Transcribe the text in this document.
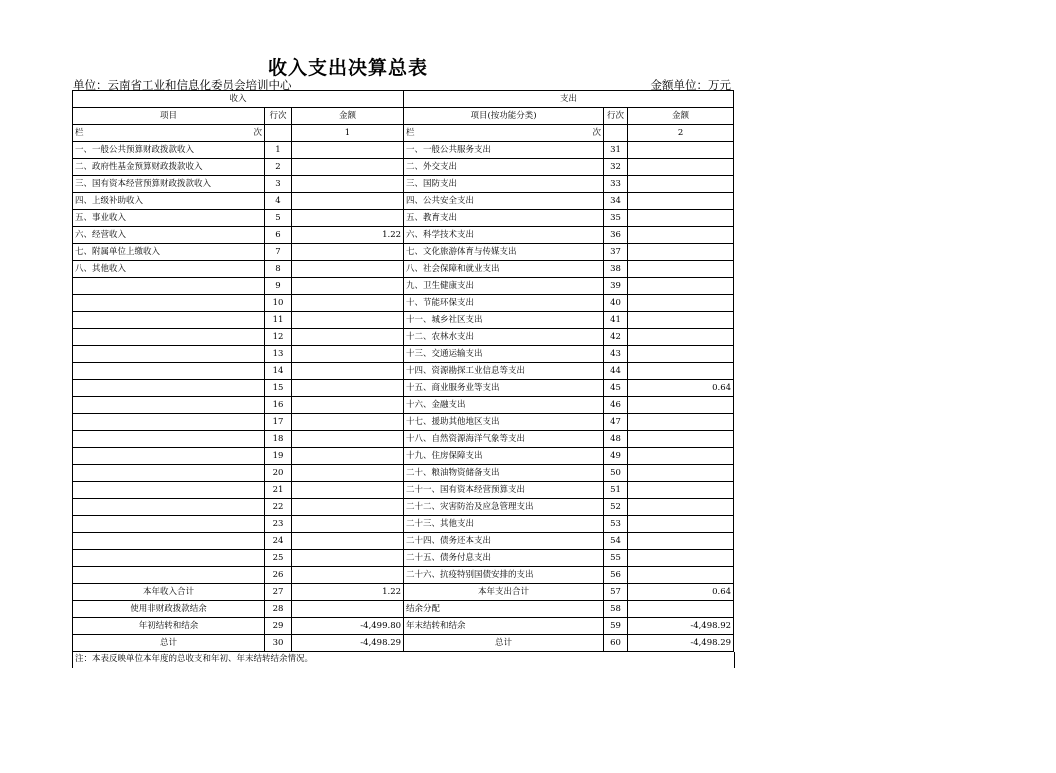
收入支出决算总表
单位：云南省工业和信息化委员会培训中心	金额单位：万元
收入			支出		
项目	行次	金额	项目(按功能分类)	行次	金额

栏 次		1	栏 次		2
一、一般公共预算财政拨款收入	1		一、一般公共服务支出	31	
二、政府性基金预算财政拨款收入	2		二、外交支出	32	
三、国有资本经营预算财政拨款收入	3		三、国防支出	33	
四、上级补助收入	4		四、公共安全支出	34	
五、事业收入	5		五、教育支出	35	
六、经营收入	6	1.22	六、科学技术支出	36	
七、附属单位上缴收入	7		七、文化旅游体育与传媒支出	37	
八、其他收入	8		八、社会保障和就业支出	38	
	9		九、卫生健康支出	39	
	10		十、节能环保支出	40	
	11		十一、城乡社区支出	41	
	12		十二、农林水支出	42	
	13		十三、交通运输支出	43	
	14		十四、资源勘探工业信息等支出	44	
	15		十五、商业服务业等支出	45	0.64
	16		十六、金融支出	46	
	17		十七、援助其他地区支出	47	
	18		十八、自然资源海洋气象等支出	48	
	19		十九、住房保障支出	49	
	20		二十、粮油物资储备支出	50	
	21		二十一、国有资本经营预算支出	51	
	22		二十二、灾害防治及应急管理支出	52	
	23		二十三、其他支出	53	
	24		二十四、债务还本支出	54	
	25		二十五、债务付息支出	55	
	26		二十六、抗疫特别国债安排的支出	56	
本年收入合计	27	1.22	本年支出合计	57	0.64
使用非财政拨款结余	28		结余分配	58	
年初结转和结余	29	-4,499.80	年末结转和结余	59	-4,498.92
总计	30	-4,498.29	总计	60	-4,498.29
注：本表反映单位本年度的总收支和年初、年末结转结余情况。
